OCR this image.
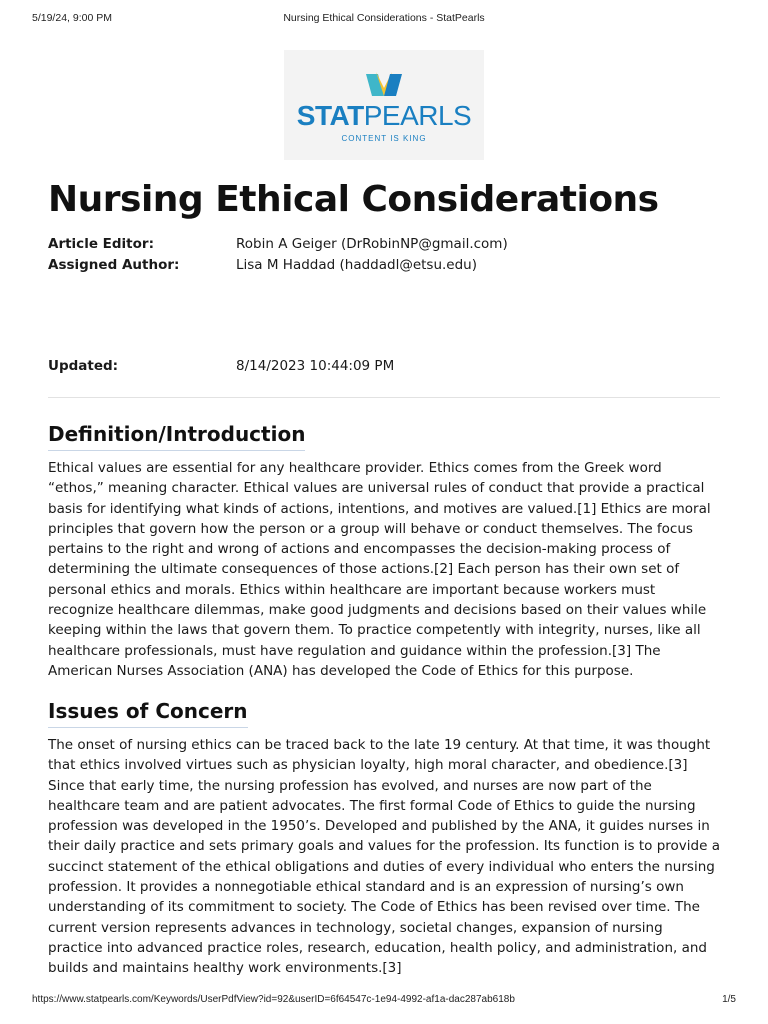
5/19/24, 9:00 PM	Nursing Ethical Considerations - StatPearls
STATPEARLS
CONTENT IS KING
Nursing Ethical Considerations
Article Editor:	Robin A Geiger (DrRobinNP@gmail.com)
Assigned Author:	Lisa M Haddad (haddadl@etsu.edu)
Updated:	8/14/2023 10:44:09 PM
Definition/Introduction

Ethical values are essential for any healthcare provider. Ethics comes from the Greek word “ethos,” meaning character. Ethical values are universal rules of conduct that provide a practical basis for identifying what kinds of actions, intentions, and motives are valued.[1] Ethics are moral principles that govern how the person or a group will behave or conduct themselves. The focus pertains to the right and wrong of actions and encompasses the decision-making process of determining the ultimate consequences of those actions.[2] Each person has their own set of personal ethics and morals. Ethics within healthcare are important because workers must recognize healthcare dilemmas, make good judgments and decisions based on their values while keeping within the laws that govern them. To practice competently with integrity, nurses, like all healthcare professionals, must have regulation and guidance within the profession.[3] The American Nurses Association (ANA) has developed the Code of Ethics for this purpose.

Issues of Concern

The onset of nursing ethics can be traced back to the late 19 century. At that time, it was thought that ethics involved virtues such as physician loyalty, high moral character, and obedience.[3] Since that early time, the nursing profession has evolved, and nurses are now part of the healthcare team and are patient advocates. The first formal Code of Ethics to guide the nursing profession was developed in the 1950’s. Developed and published by the ANA, it guides nurses in their daily practice and sets primary goals and values for the profession. Its function is to provide a succinct statement of the ethical obligations and duties of every individual who enters the nursing profession. It provides a nonnegotiable ethical standard and is an expression of nursing’s own understanding of its commitment to society. The Code of Ethics has been revised over time. The current version represents advances in technology, societal changes, expansion of nursing practice into advanced practice roles, research, education, health policy, and administration, and builds and maintains healthy work environments.[3]

https://www.statpearls.com/Keywords/UserPdfView?id=92&userID=6f64547c-1e94-4992-af1a-dac287ab618b	1/5
